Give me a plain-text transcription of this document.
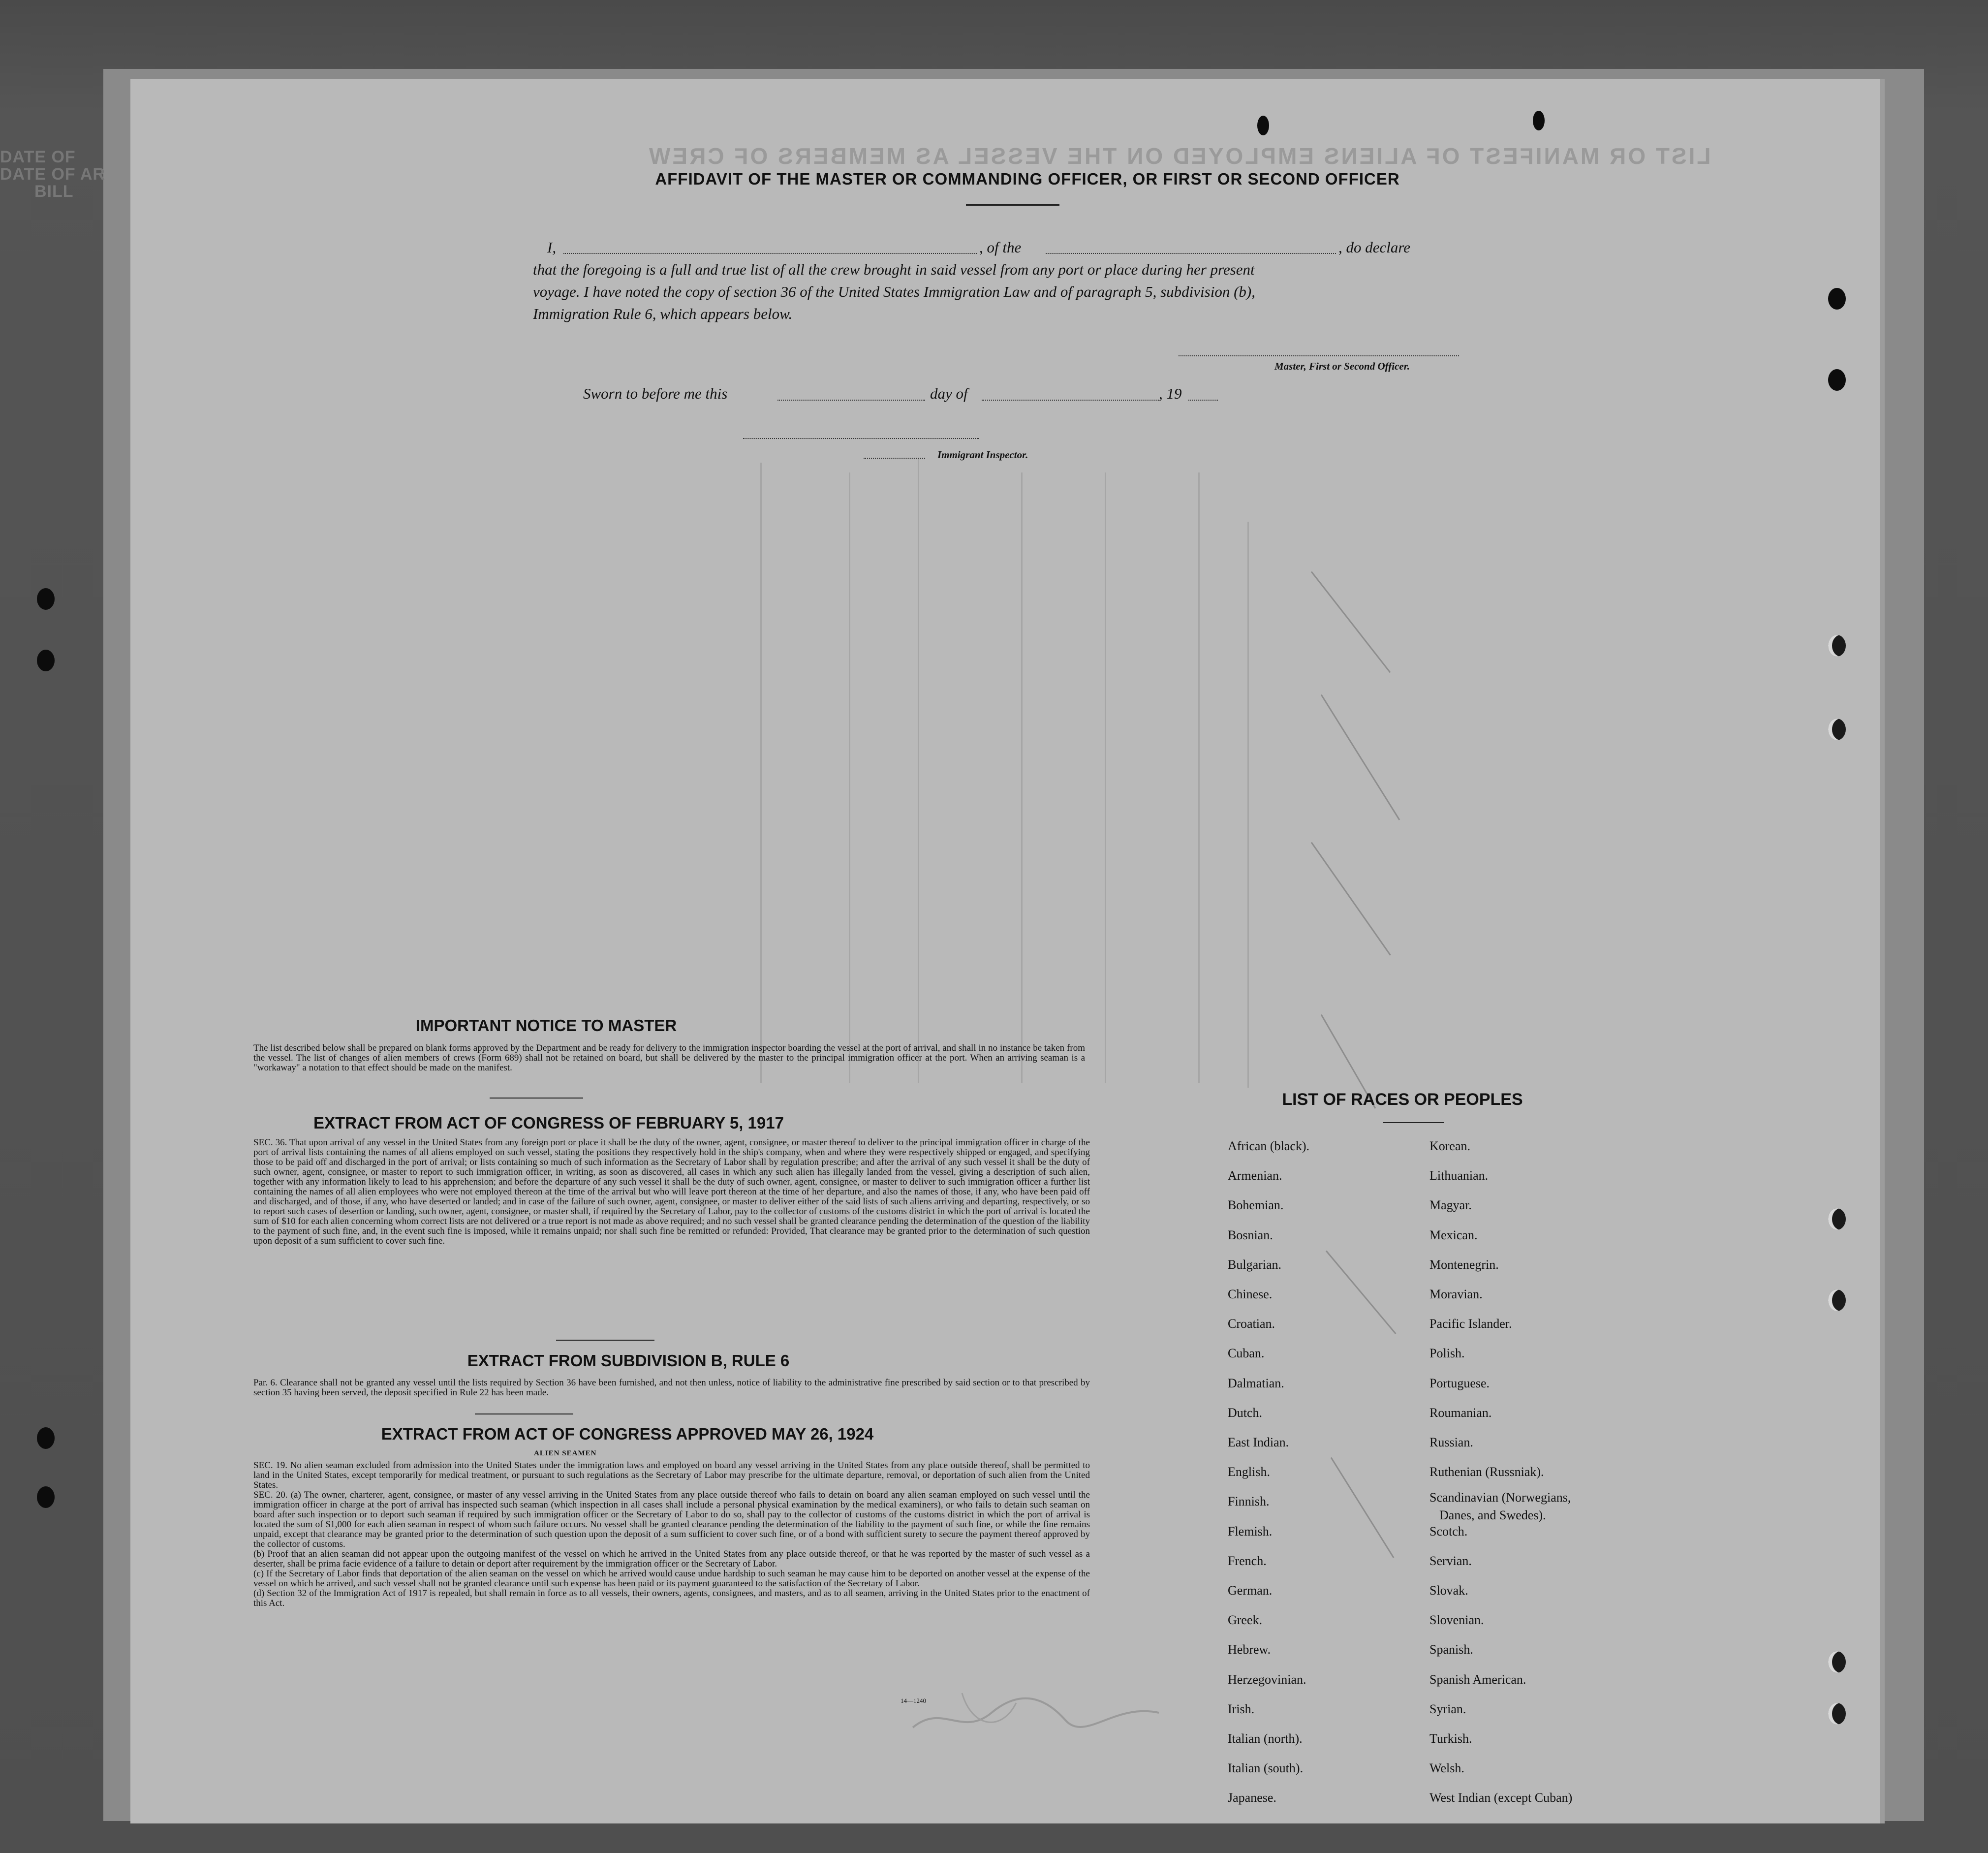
DATE OF
DATE OF AR
BILL
LIST OR MANIFEST OF ALIENS EMPLOYED ON THE VESSEL AS MEMBERS OF CREW
AFFIDAVIT OF THE MASTER OR COMMANDING OFFICER, OR FIRST OR SECOND OFFICER
I,	, of the	, do declare
that the foregoing is a full and true list of all the crew brought in said vessel from any port or place during her present
voyage. I have noted the copy of section 36 of the United States Immigration Law and of paragraph 5, subdivision (b),
Immigration Rule 6, which appears below.
Master, First or Second Officer.
Sworn to before me this	day of	, 19
Immigrant Inspector.
IMPORTANT NOTICE TO MASTER
The list described below shall be prepared on blank forms approved by the Department and be ready for delivery to the immigration inspector boarding the vessel at the port of arrival, and shall in no instance be taken from the vessel. The list of changes of alien members of crews (Form 689) shall not be retained on board, but shall be delivered by the master to the principal immigration officer at the port. When an arriving seaman is a "workaway" a notation to that effect should be made on the manifest.
EXTRACT FROM ACT OF CONGRESS OF FEBRUARY 5, 1917
SEC. 36. That upon arrival of any vessel in the United States from any foreign port or place it shall be the duty of the owner, agent, consignee, or master thereof to deliver to the principal immigration officer in charge of the port of arrival lists containing the names of all aliens employed on such vessel, stating the positions they respectively hold in the ship's company, when and where they were respectively shipped or engaged, and specifying those to be paid off and discharged in the port of arrival; or lists containing so much of such information as the Secretary of Labor shall by regulation prescribe; and after the arrival of any such vessel it shall be the duty of such owner, agent, consignee, or master to report to such immigration officer, in writing, as soon as discovered, all cases in which any such alien has illegally landed from the vessel, giving a description of such alien, together with any information likely to lead to his apprehension; and before the departure of any such vessel it shall be the duty of such owner, agent, consignee, or master to deliver to such immigration officer a further list containing the names of all alien employees who were not employed thereon at the time of the arrival but who will leave port thereon at the time of her departure, and also the names of those, if any, who have been paid off and discharged, and of those, if any, who have deserted or landed; and in case of the failure of such owner, agent, consignee, or master to deliver either of the said lists of such aliens arriving and departing, respectively, or so to report such cases of desertion or landing, such owner, agent, consignee, or master shall, if required by the Secretary of Labor, pay to the collector of customs of the customs district in which the port of arrival is located the sum of $10 for each alien concerning whom correct lists are not delivered or a true report is not made as above required; and no such vessel shall be granted clearance pending the determination of the question of the liability to the payment of such fine, and, in the event such fine is imposed, while it remains unpaid; nor shall such fine be remitted or refunded: Provided, That clearance may be granted prior to the determination of such question upon deposit of a sum sufficient to cover such fine.
EXTRACT FROM SUBDIVISION B, RULE 6
Par. 6. Clearance shall not be granted any vessel until the lists required by Section 36 have been furnished, and not then unless, notice of liability to the administrative fine prescribed by said section or to that prescribed by section 35 having been served, the deposit specified in Rule 22 has been made.
EXTRACT FROM ACT OF CONGRESS APPROVED MAY 26, 1924
ALIEN SEAMEN

SEC. 19. No alien seaman excluded from admission into the United States under the immigration laws and employed on board any vessel arriving in the United States from any place outside thereof, shall be permitted to land in the United States, except temporarily for medical treatment, or pursuant to such regulations as the Secretary of Labor may prescribe for the ultimate departure, removal, or deportation of such alien from the United States.

SEC. 20. (a) The owner, charterer, agent, consignee, or master of any vessel arriving in the United States from any place outside thereof who fails to detain on board any alien seaman employed on such vessel until the immigration officer in charge at the port of arrival has inspected such seaman (which inspection in all cases shall include a personal physical examination by the medical examiners), or who fails to detain such seaman on board after such inspection or to deport such seaman if required by such immigration officer or the Secretary of Labor to do so, shall pay to the collector of customs of the customs district in which the port of arrival is located the sum of $1,000 for each alien seaman in respect of whom such failure occurs. No vessel shall be granted clearance pending the determination of the liability to the payment of such fine, or while the fine remains unpaid, except that clearance may be granted prior to the determination of such question upon the deposit of a sum sufficient to cover such fine, or of a bond with sufficient surety to secure the payment thereof approved by the collector of customs.

(b) Proof that an alien seaman did not appear upon the outgoing manifest of the vessel on which he arrived in the United States from any place outside thereof, or that he was reported by the master of such vessel as a deserter, shall be prima facie evidence of a failure to detain or deport after requirement by the immigration officer or the Secretary of Labor.

(c) If the Secretary of Labor finds that deportation of the alien seaman on the vessel on which he arrived would cause undue hardship to such seaman he may cause him to be deported on another vessel at the expense of the vessel on which he arrived, and such vessel shall not be granted clearance until such expense has been paid or its payment guaranteed to the satisfaction of the Secretary of Labor.

(d) Section 32 of the Immigration Act of 1917 is repealed, but shall remain in force as to all vessels, their owners, agents, consignees, and masters, and as to all seamen, arriving in the United States prior to the enactment of this Act.

14—1240
LIST OF RACES OR PEOPLES
African (black).
Armenian.
Bohemian.
Bosnian.
Bulgarian.
Chinese.
Croatian.
Cuban.
Dalmatian.
Dutch.
East Indian.
English.
Finnish.
Flemish.
French.
German.
Greek.
Hebrew.
Herzegovinian.
Irish.
Italian (north).
Italian (south).
Japanese.
Korean.
Lithuanian.
Magyar.
Mexican.
Montenegrin.
Moravian.
Pacific Islander.
Polish.
Portuguese.
Roumanian.
Russian.
Ruthenian (Russniak).
Scandinavian (Norwegians,
Danes, and Swedes).
Scotch.
Servian.
Slovak.
Slovenian.
Spanish.
Spanish American.
Syrian.
Turkish.
Welsh.
West Indian (except Cuban)
